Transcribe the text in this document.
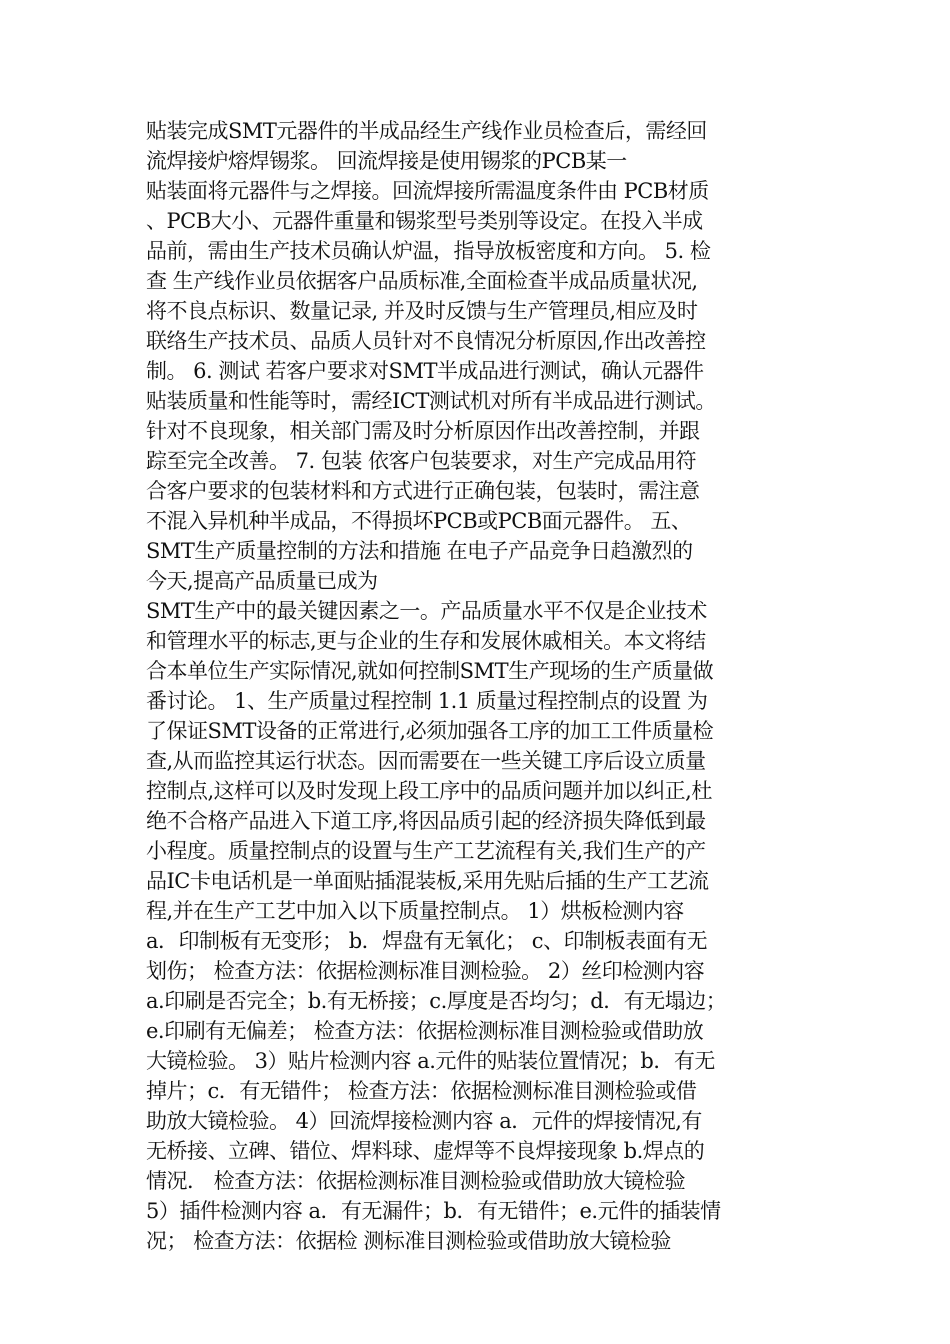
贴装完成SMT元器件的半成品经生产线作业员检查后，需经回
流焊接炉熔焊锡浆。 回流焊接是使用锡浆的PCB某一
贴装面将元器件与之焊接。回流焊接所需温度条件由 PCB材质
、PCB大小、元器件重量和锡浆型号类别等设定。在投入半成
品前，需由生产技术员确认炉温，指导放板密度和方向。 5. 检
查 生产线作业员依据客户品质标准,全面检查半成品质量状况,
将不良点标识、数量记录, 并及时反馈与生产管理员,相应及时
联络生产技术员、品质人员针对不良情况分析原因,作出改善控
制。 6. 测试 若客户要求对SMT半成品进行测试，确认元器件
贴装质量和性能等时，需经ICT测试机对所有半成品进行测试。
针对不良现象，相关部门需及时分析原因作出改善控制，并跟
踪至完全改善。 7. 包装 依客户包装要求，对生产完成品用符
合客户要求的包装材料和方式进行正确包装，包装时，需注意
不混入异机种半成品，不得损坏PCB或PCB面元器件。 五、
SMT生产质量控制的方法和措施 在电子产品竞争日趋激烈的
今天,提高产品质量已成为
SMT生产中的最关键因素之一。产品质量水平不仅是企业技术
和管理水平的标志,更与企业的生存和发展休戚相关。本文将结
合本单位生产实际情况,就如何控制SMT生产现场的生产质量做
番讨论。 1、生产质量过程控制 1.1 质量过程控制点的设置 为
了保证SMT设备的正常进行,必须加强各工序的加工工件质量检
查,从而监控其运行状态。因而需要在一些关键工序后设立质量
控制点,这样可以及时发现上段工序中的品质问题并加以纠正,杜
绝不合格产品进入下道工序,将因品质引起的经济损失降低到最
小程度。质量控制点的设置与生产工艺流程有关,我们生产的产
品IC卡电话机是一单面贴插混装板,采用先贴后插的生产工艺流
程,并在生产工艺中加入以下质量控制点。 1）烘板检测内容
a．印制板有无变形； b．焊盘有无氧化； c、印制板表面有无
划伤； 检查方法：依据检测标准目测检验。 2）丝印检测内容
a.印刷是否完全；b.有无桥接；c.厚度是否均匀；d．有无塌边；
e.印刷有无偏差； 检查方法：依据检测标准目测检验或借助放
大镜检验。 3）贴片检测内容 a.元件的贴装位置情况；b．有无
掉片；c．有无错件； 检查方法：依据检测标准目测检验或借
助放大镜检验。 4）回流焊接检测内容 a．元件的焊接情况,有
无桥接、立碑、错位、焊料球、虚焊等不良焊接现象 b.焊点的
情况． 检查方法：依据检测标准目测检验或借助放大镜检验
5）插件检测内容 a．有无漏件；b．有无错件；e.元件的插装情
况； 检查方法：依据检 测标准目测检验或借助放大镜检验
